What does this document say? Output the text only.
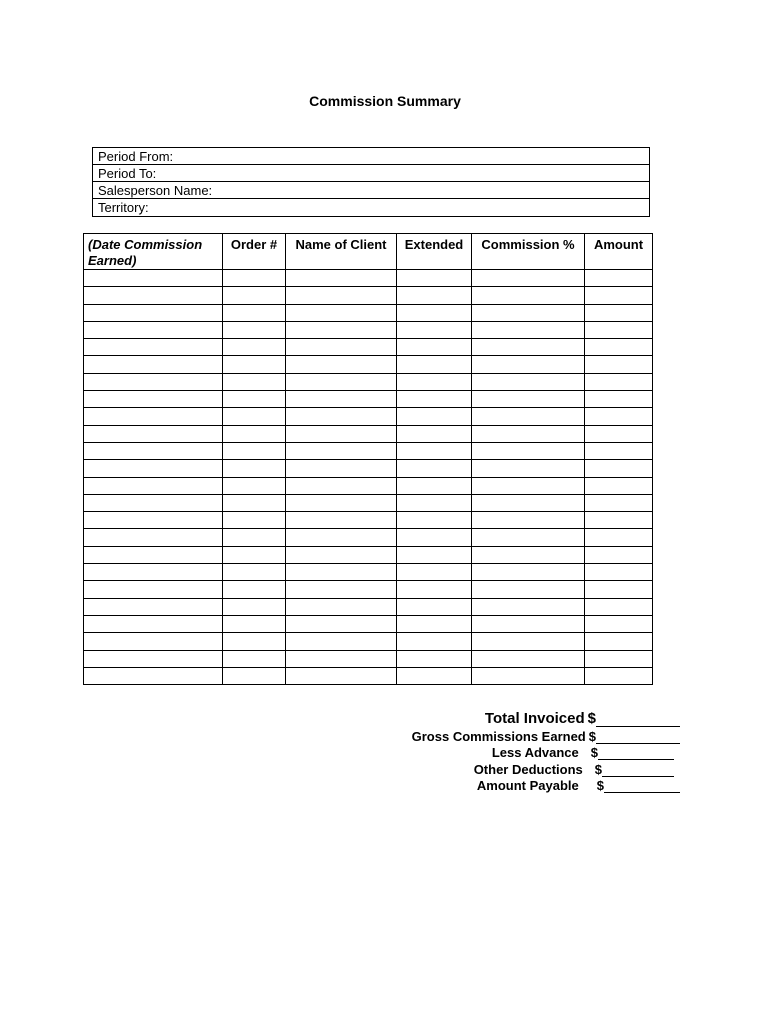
Commission Summary
Period From:
Period To:
Salesperson Name:
Territory:
(Date Commission
Earned)	Order #	Name of Client	Extended	Commission %	Amount

Total Invoiced $
Gross Commissions Earned $
Less Advance $
Other Deductions $
Amount Payable $
